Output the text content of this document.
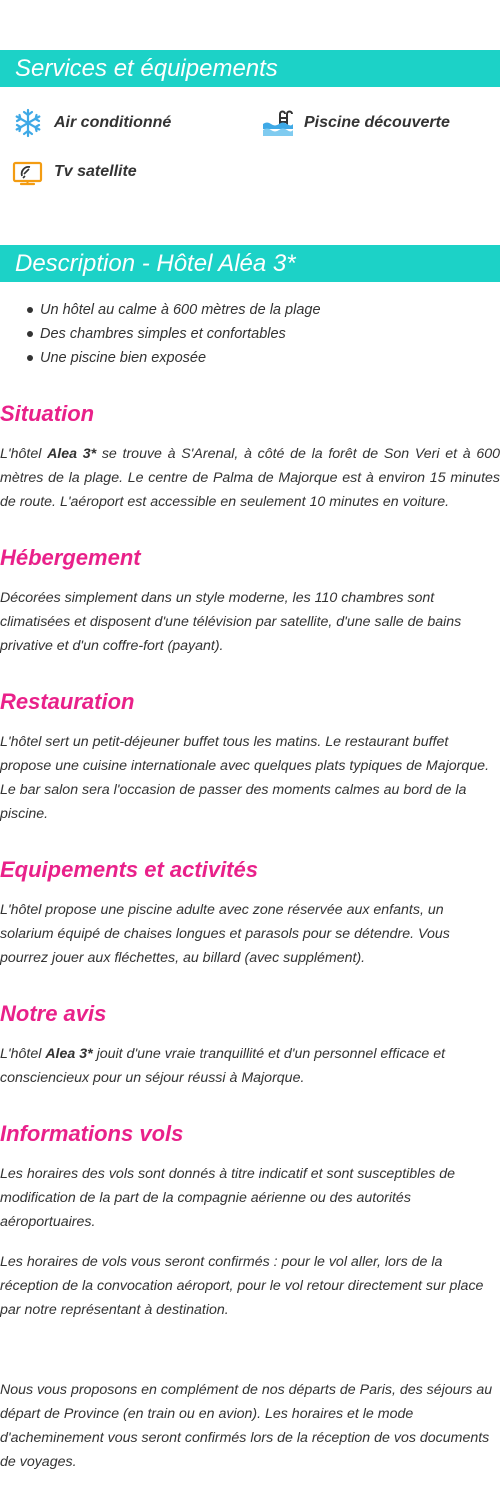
Services et équipements
Air conditionné	Piscine découverte
Tv satellite
Description - Hôtel Aléa 3*
Un hôtel au calme à 600 mètres de la plage
Des chambres simples et confortables
Une piscine bien exposée
Situation

L'hôtel Alea 3* se trouve à S'Arenal, à côté de la forêt de Son Veri et à 600 mètres de la plage. Le centre de Palma de Majorque est à environ 15 minutes de route. L'aéroport est accessible en seulement 10 minutes en voiture.

Hébergement

Décorées simplement dans un style moderne, les 110 chambres sont climatisées et disposent d'une télévision par satellite, d'une salle de bains privative et d'un coffre-fort (payant).

Restauration

L'hôtel sert un petit-déjeuner buffet tous les matins. Le restaurant buffet propose une cuisine internationale avec quelques plats typiques de Majorque. Le bar salon sera l'occasion de passer des moments calmes au bord de la piscine.

Equipements et activités

L'hôtel propose une piscine adulte avec zone réservée aux enfants, un solarium équipé de chaises longues et parasols pour se détendre. Vous pourrez jouer aux fléchettes, au billard (avec supplément).

Notre avis

L'hôtel Alea 3* jouit d'une vraie tranquillité et d'un personnel efficace et consciencieux pour un séjour réussi à Majorque.

Informations vols

Les horaires des vols sont donnés à titre indicatif et sont susceptibles de modification de la part de la compagnie aérienne ou des autorités aéroportuaires.

Les horaires de vols vous seront confirmés : pour le vol aller, lors de la réception de la convocation aéroport, pour le vol retour directement sur place par notre représentant à destination.

Nous vous proposons en complément de nos départs de Paris, des séjours au départ de Province (en train ou en avion). Les horaires et le mode d'acheminement vous seront confirmés lors de la réception de vos documents de voyages.
